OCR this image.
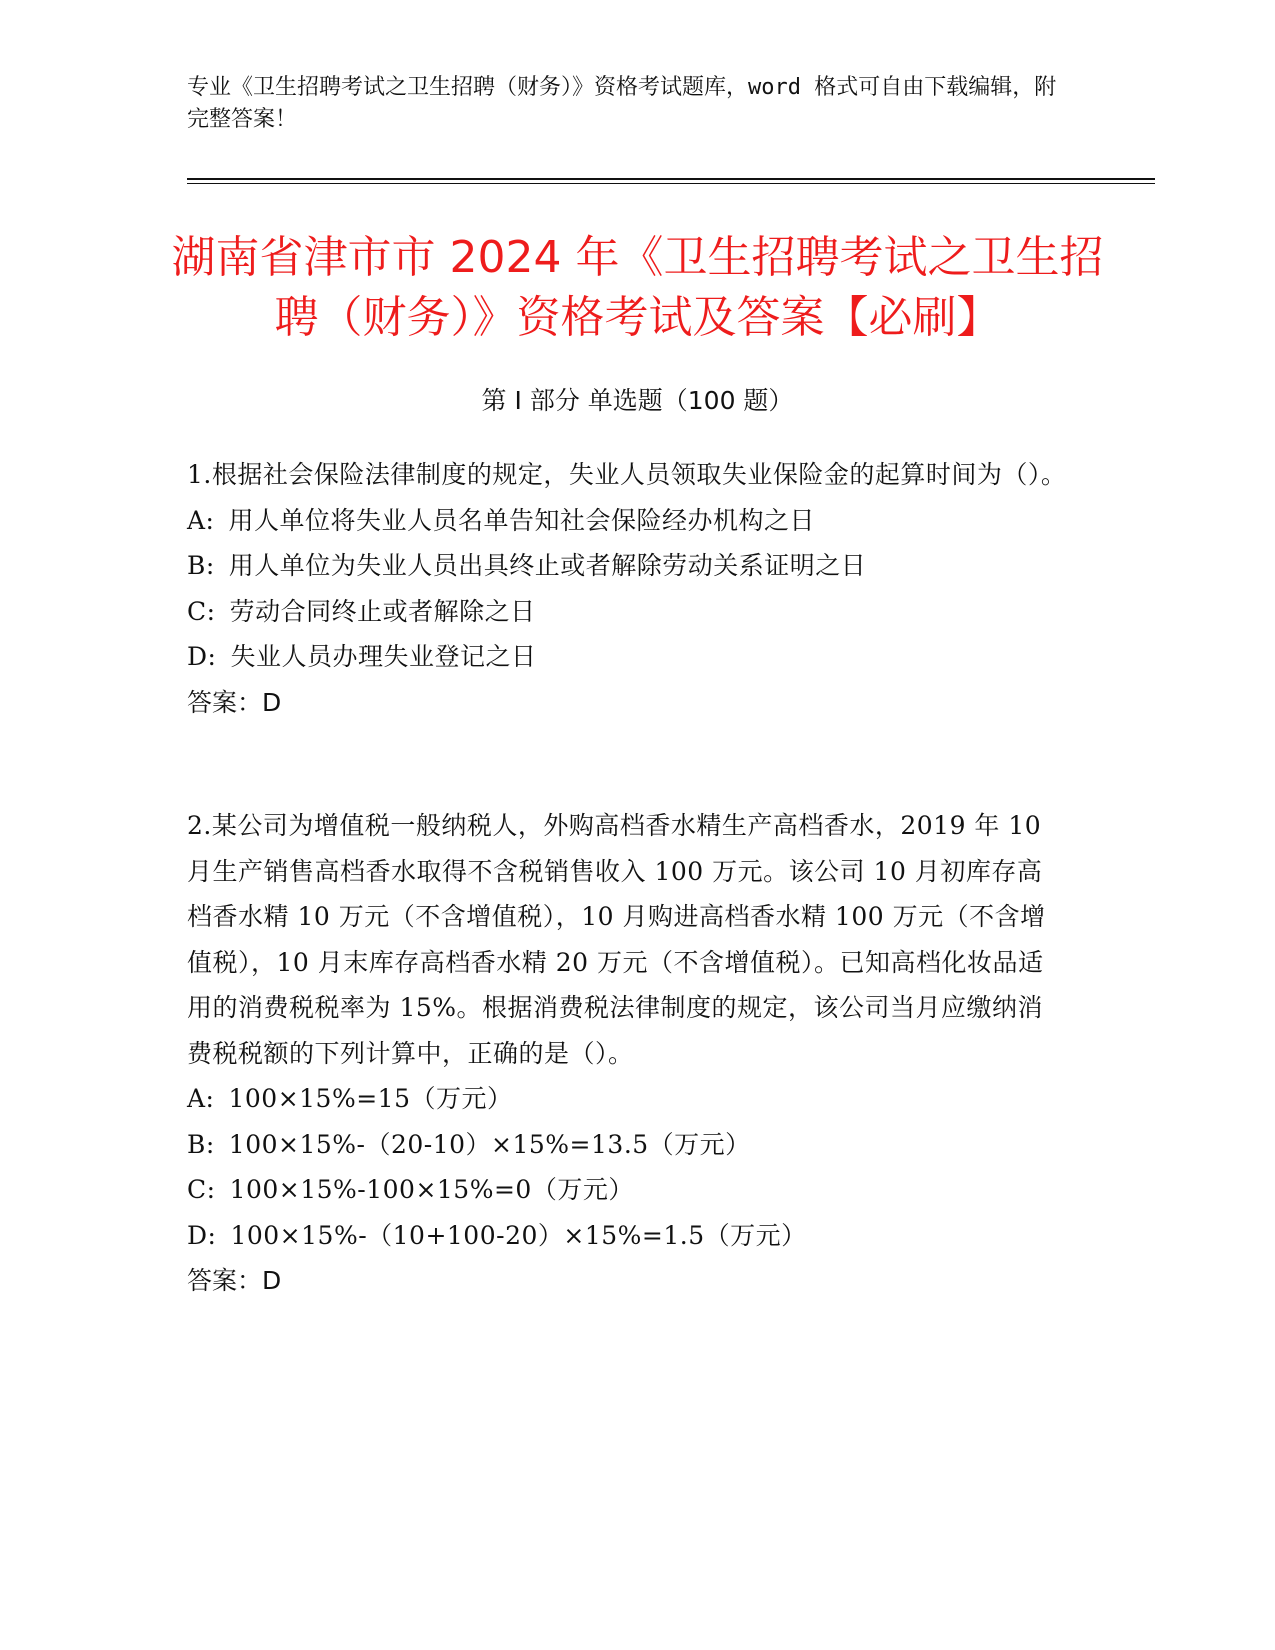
专业《卫生招聘考试之卫生招聘（财务）》资格考试题库，word 格式可自由下载编辑，附完整答案！
湖南省津市市 2024 年《卫生招聘考试之卫生招聘（财务）》资格考试及答案【必刷】
第 I 部分 单选题（100 题）
1.根据社会保险法律制度的规定，失业人员领取失业保险金的起算时间为（）。
A: 用人单位将失业人员名单告知社会保险经办机构之日
B: 用人单位为失业人员出具终止或者解除劳动关系证明之日
C: 劳动合同终止或者解除之日
D: 失业人员办理失业登记之日
答案：D
2.某公司为增值税一般纳税人，外购高档香水精生产高档香水，2019 年 10 月生产销售高档香水取得不含税销售收入 100 万元。该公司 10 月初库存高档香水精 10 万元（不含增值税），10 月购进高档香水精 100 万元（不含增值税），10 月末库存高档香水精 20 万元（不含增值税）。已知高档化妆品适用的消费税税率为 15%。根据消费税法律制度的规定，该公司当月应缴纳消费税税额的下列计算中，正确的是（）。
A: 100×15%=15（万元）
B: 100×15%-（20-10）×15%=13.5（万元）
C: 100×15%-100×15%=0（万元）
D: 100×15%-（10+100-20）×15%=1.5（万元）
答案：D
